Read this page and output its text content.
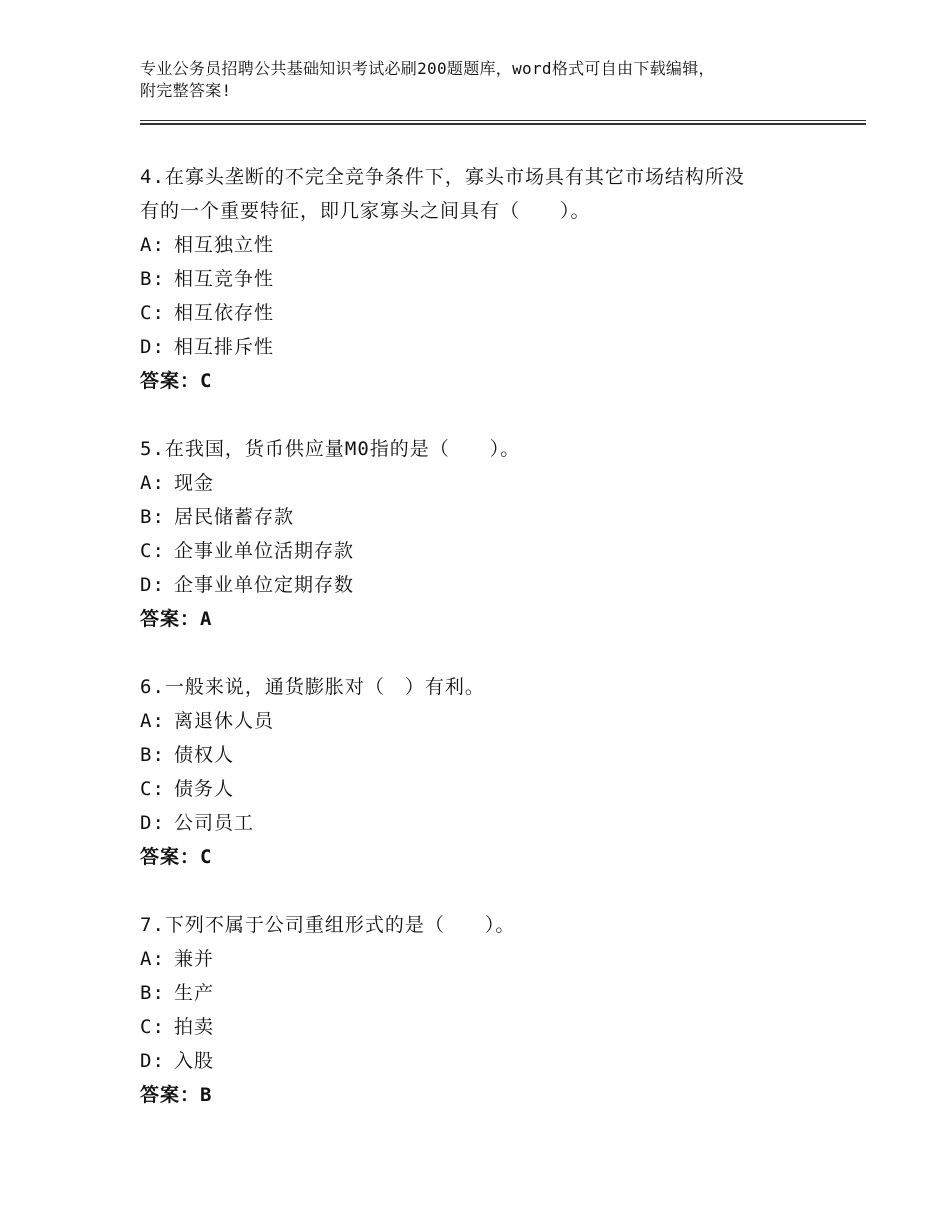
专业公务员招聘公共基础知识考试必刷200题题库，word格式可自由下载编辑，
附完整答案!
4.在寡头垄断的不完全竞争条件下，寡头市场具有其它市场结构所没
有的一个重要特征，即几家寡头之间具有（　　）。
A: 相互独立性
B: 相互竞争性
C: 相互依存性
D: 相互排斥性
答案：C
5.在我国，货币供应量M0指的是（　　）。
A: 现金
B: 居民储蓄存款
C: 企事业单位活期存款
D: 企事业单位定期存数
答案：A
6.一般来说，通货膨胀对（　）有利。
A: 离退休人员
B: 债权人
C: 债务人
D: 公司员工
答案：C
7.下列不属于公司重组形式的是（　　）。
A: 兼并
B: 生产
C: 拍卖
D: 入股
答案：B
